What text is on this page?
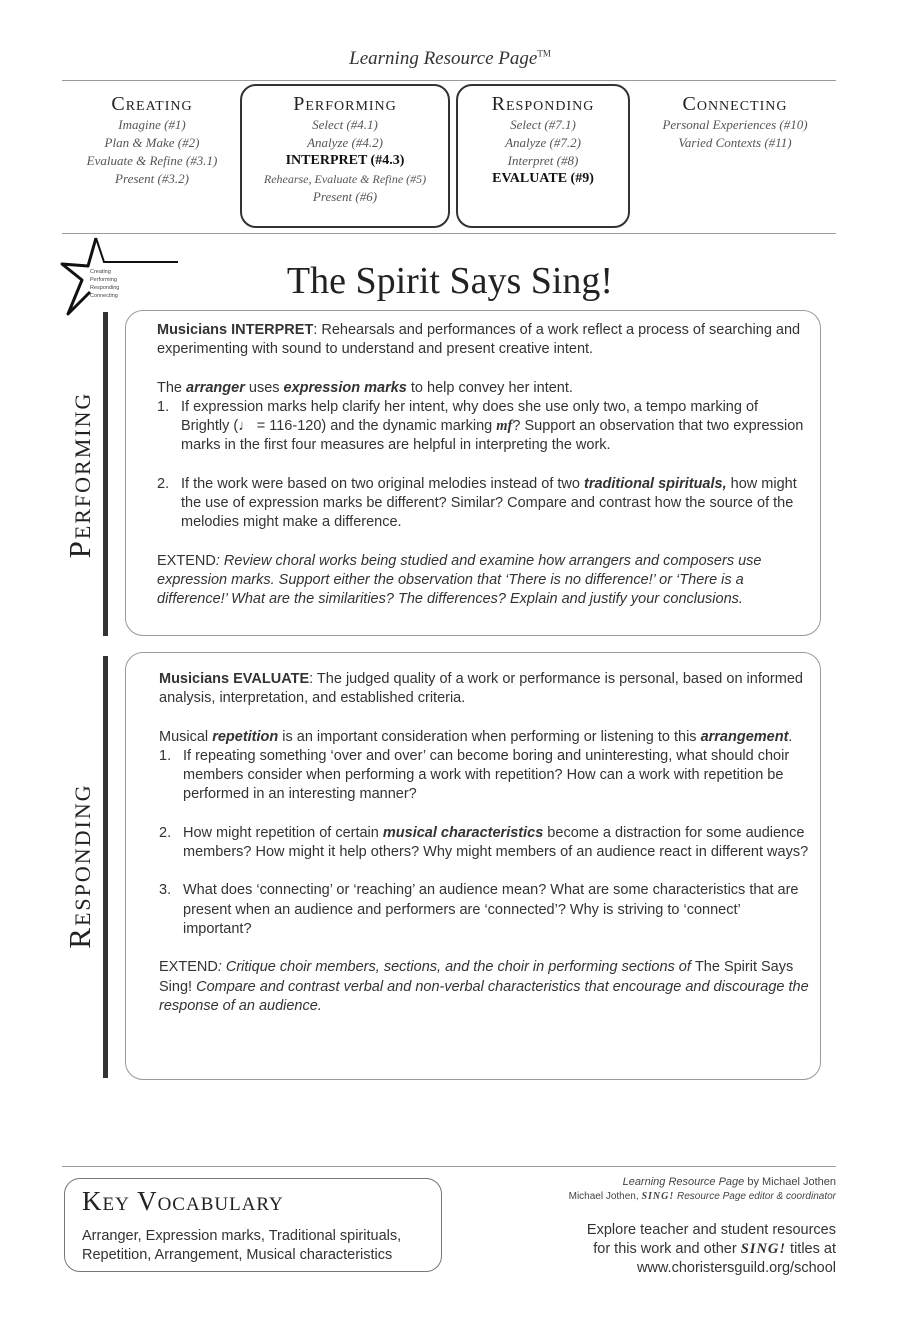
Learning Resource Page™
Creating

Imagine (#1)

Plan & Make (#2)

Evaluate & Refine (#3.1)

Present (#3.2)

Performing

Select (#4.1)

Analyze (#4.2)

INTERPRET (#4.3)

Rehearse, Evaluate & Refine (#5)

Present (#6)

Responding

Select (#7.1)

Analyze (#7.2)

Interpret (#8)

EVALUATE (#9)

Connecting

Personal Experiences (#10)

Varied Contexts (#11)

Creating
Performing
Responding
Connecting	The Spirit Says Sing!
Performing

Musicians INTERPRET: Rehearsals and performances of a work reflect a process of searching and experimenting with sound to understand and present creative intent.

The arranger uses expression marks to help convey her intent.

1. If expression marks help clarify her intent, why does she use only two, a tempo marking of Brightly (♩ = 116-120) and the dynamic marking mf? Support an observation that two expression marks in the first four measures are helpful in interpreting the work.
2. If the work were based on two original melodies instead of two traditional spirituals, how might the use of expression marks be different? Similar? Compare and contrast how the source of the melodies might make a difference.

EXTEND: Review choral works being studied and examine how arrangers and composers use expression marks. Support either the observation that ‘There is no difference!’ or ‘There is a difference!’ What are the similarities? The differences? Explain and justify your conclusions.

Responding

Musicians EVALUATE: The judged quality of a work or performance is personal, based on informed analysis, interpretation, and established criteria.

Musical repetition is an important consideration when performing or listening to this arrangement.

1. If repeating something ‘over and over’ can become boring and uninteresting, what should choir members consider when performing a work with repetition? How can a work with repetition be performed in an interesting manner?
2. How might repetition of certain musical characteristics become a distraction for some audience members? How might it help others? Why might members of an audience react in different ways?
3. What does ‘connecting’ or ‘reaching’ an audience mean? What are some characteristics that are present when an audience and performers are ‘connected’? Why is striving to ‘connect’ important?

EXTEND: Critique choir members, sections, and the choir in performing sections of The Spirit Says Sing! Compare and contrast verbal and non-verbal characteristics that encourage and discourage the response of an audience.

Key Vocabulary
Arranger, Expression marks, Traditional spirituals, Repetition, Arrangement, Musical characteristics
Learning Resource Page by Michael Jothen
Michael Jothen, SING! Resource Page editor & coordinator
Explore teacher and student resources
for this work and other SING! titles at
www.choristersguild.org/school
